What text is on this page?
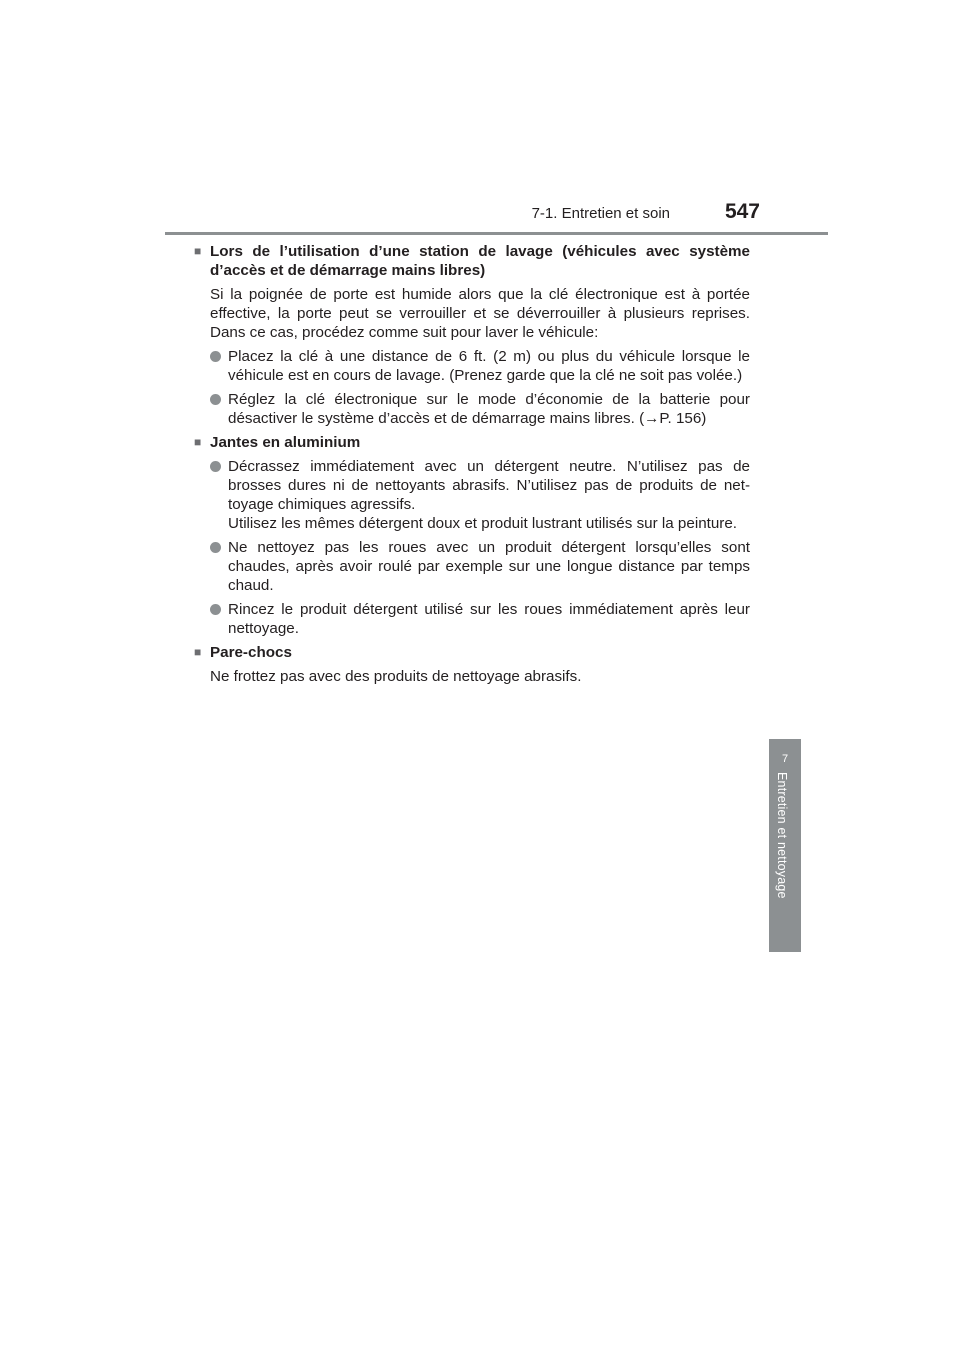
7-1. Entretien et soin	547
7
Entretien et nettoyage
■ Lors de l’utilisation d’une station de lavage (véhicules avec système
d’accès et de démarrage mains libres)
Si la poignée de porte est humide alors que la clé électronique est à portée
effective, la porte peut se verrouiller et se déverrouiller à plusieurs reprises.
Dans ce cas, procédez comme suit pour laver le véhicule:
Placez la clé à une distance de 6 ft. (2 m) ou plus du véhicule lorsque le
véhicule est en cours de lavage. (Prenez garde que la clé ne soit pas volée.)
Réglez la clé électronique sur le mode d’économie de la batterie pour
désactiver le système d’accès et de démarrage mains libres. (→P. 156)
■ Jantes en aluminium
Décrassez immédiatement avec un détergent neutre. N’utilisez pas de
brosses dures ni de nettoyants abrasifs. N’utilisez pas de produits de net-
toyage chimiques agressifs.
Utilisez les mêmes détergent doux et produit lustrant utilisés sur la peinture.
Ne nettoyez pas les roues avec un produit détergent lorsqu’elles sont
chaudes, après avoir roulé par exemple sur une longue distance par temps
chaud.
Rincez le produit détergent utilisé sur les roues immédiatement après leur
nettoyage.
■ Pare-chocs
Ne frottez pas avec des produits de nettoyage abrasifs.
